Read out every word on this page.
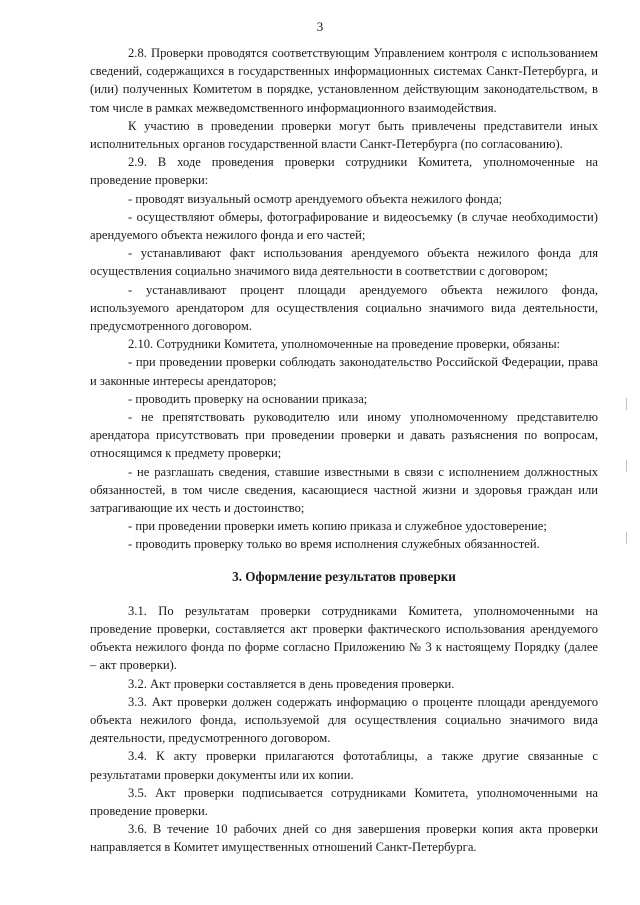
3

2.8. Проверки проводятся соответствующим Управлением контроля с использованием сведений, содержащихся в государственных информационных системах Санкт-Петербурга, и (или) полученных Комитетом в порядке, установленном действующим законодательством, в том числе в рамках межведомственного информационного взаимодействия.

К участию в проведении проверки могут быть привлечены представители иных исполнительных органов государственной власти Санкт-Петербурга (по согласованию).

2.9. В ходе проведения проверки сотрудники Комитета, уполномоченные на проведение проверки:

- проводят визуальный осмотр арендуемого объекта нежилого фонда;

- осуществляют обмеры, фотографирование и видеосъемку (в случае необходимости) арендуемого объекта нежилого фонда и его частей;

- устанавливают факт использования арендуемого объекта нежилого фонда для осуществления социально значимого вида деятельности в соответствии с договором;

- устанавливают процент площади арендуемого объекта нежилого фонда, используемого арендатором для осуществления социально значимого вида деятельности, предусмотренного договором.

2.10. Сотрудники Комитета, уполномоченные на проведение проверки, обязаны:

- при проведении проверки соблюдать законодательство Российской Федерации, права и законные интересы арендаторов;

- проводить проверку на основании приказа;

- не препятствовать руководителю или иному уполномоченному представителю арендатора присутствовать при проведении проверки и давать разъяснения по вопросам, относящимся к предмету проверки;

- не разглашать сведения, ставшие известными в связи с исполнением должностных обязанностей, в том числе сведения, касающиеся частной жизни и здоровья граждан или затрагивающие их честь и достоинство;

- при проведении проверки иметь копию приказа и служебное удостоверение;

- проводить проверку только во время исполнения служебных обязанностей.

3. Оформление результатов проверки

3.1. По результатам проверки сотрудниками Комитета, уполномоченными на проведение проверки, составляется акт проверки фактического использования арендуемого объекта нежилого фонда по форме согласно Приложению № 3 к настоящему Порядку (далее – акт проверки).

3.2. Акт проверки составляется в день проведения проверки.

3.3. Акт проверки должен содержать информацию о проценте площади арендуемого объекта нежилого фонда, используемой для осуществления социально значимого вида деятельности, предусмотренного договором.

3.4. К акту проверки прилагаются фототаблицы, а также другие связанные с результатами проверки документы или их копии.

3.5. Акт проверки подписывается сотрудниками Комитета, уполномоченными на проведение проверки.

3.6. В течение 10 рабочих дней со дня завершения проверки копия акта проверки направляется в Комитет имущественных отношений Санкт-Петербурга.
